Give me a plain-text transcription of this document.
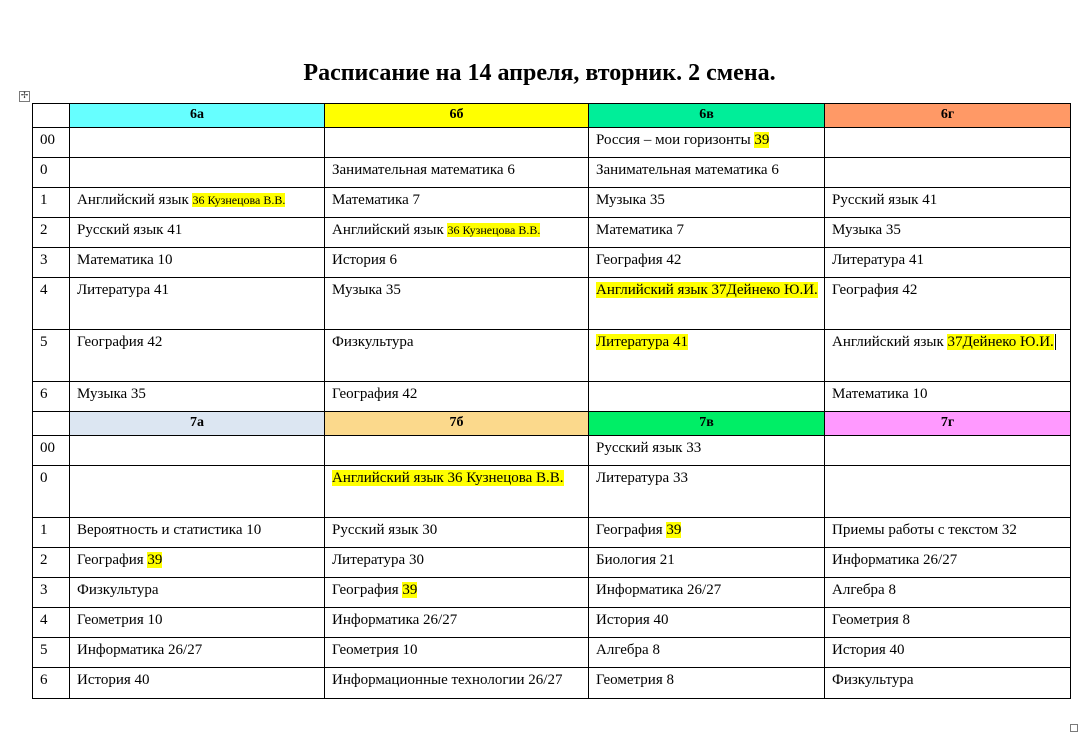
Расписание на 14 апреля, вторник. 2 смена.
✢
	6а	6б	6в	6г
00			Россия – мои горизонты 39	
0		Занимательная математика 6	Занимательная математика 6	
1	Английский язык 36 Кузнецова В.В.	Математика 7	Музыка 35	Русский язык 41
2	Русский язык 41	Английский язык 36 Кузнецова В.В.	Математика 7	Музыка 35
3	Математика 10	История 6	География 42	Литература 41
4	Литература 41	Музыка 35	Английский язык 37Дейнеко Ю.И.	География 42
5	География 42	Физкультура	Литература 41	Английский язык 37Дейнеко Ю.И.
6	Музыка 35	География 42		Математика 10
	7а	7б	7в	7г
00			Русский язык 33	
0		Английский язык 36 Кузнецова В.В.	Литература 33	
1	Вероятность и статистика 10	Русский язык 30	География 39	Приемы работы с текстом 32
2	География 39	Литература 30	Биология 21	Информатика 26/27
3	Физкультура	География 39	Информатика 26/27	Алгебра 8
4	Геометрия 10	Информатика 26/27	История 40	Геометрия 8
5	Информатика 26/27	Геометрия 10	Алгебра 8	История 40
6	История 40	Информационные технологии 26/27	Геометрия 8	Физкультура
